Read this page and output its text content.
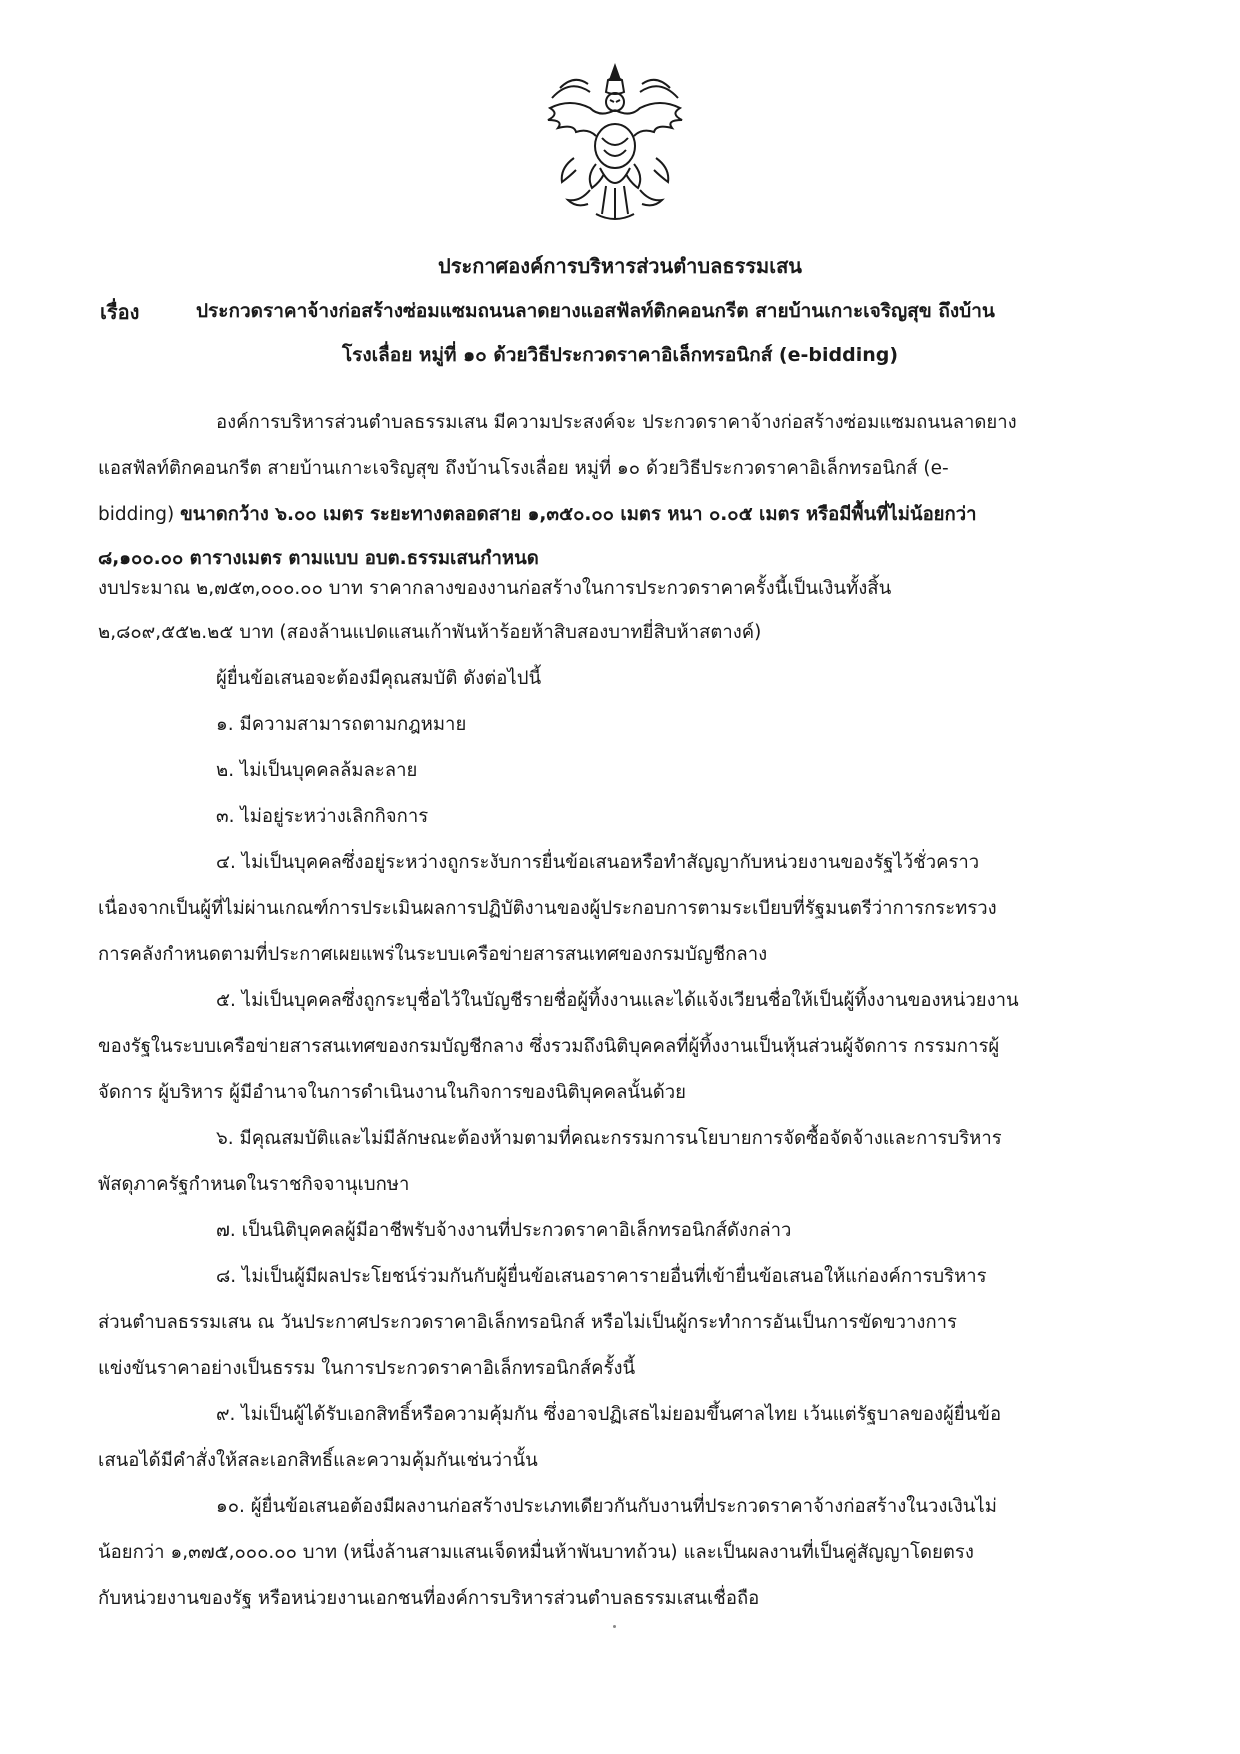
ประกาศองค์การบริหารส่วนตำบลธรรมเสน
เรื่อง	ประกวดราคาจ้างก่อสร้างซ่อมแซมถนนลาดยางแอสฟัลท์ติกคอนกรีต สายบ้านเกาะเจริญสุข ถึงบ้าน
โรงเลื่อย หมู่ที่ ๑๐ ด้วยวิธีประกวดราคาอิเล็กทรอนิกส์ (e-bidding)
องค์การบริหารส่วนตำบลธรรมเสน มีความประสงค์จะ ประกวดราคาจ้างก่อสร้างซ่อมแซมถนนลาดยาง
แอสฟัลท์ติกคอนกรีต สายบ้านเกาะเจริญสุข ถึงบ้านโรงเลื่อย หมู่ที่ ๑๐ ด้วยวิธีประกวดราคาอิเล็กทรอนิกส์ (e-
bidding) ขนาดกว้าง ๖.๐๐ เมตร ระยะทางตลอดสาย ๑,๓๕๐.๐๐ เมตร หนา ๐.๐๕ เมตร หรือมีพื้นที่ไม่น้อยกว่า
๘,๑๐๐.๐๐ ตารางเมตร ตามแบบ อบต.ธรรมเสนกำหนด
งบประมาณ ๒,๗๕๓,๐๐๐.๐๐ บาท ราคากลางของงานก่อสร้างในการประกวดราคาครั้งนี้เป็นเงินทั้งสิ้น
๒,๘๐๙,๕๕๒.๒๕ บาท (สองล้านแปดแสนเก้าพันห้าร้อยห้าสิบสองบาทยี่สิบห้าสตางค์)
ผู้ยื่นข้อเสนอจะต้องมีคุณสมบัติ ดังต่อไปนี้
๑. มีความสามารถตามกฎหมาย
๒. ไม่เป็นบุคคลล้มละลาย
๓. ไม่อยู่ระหว่างเลิกกิจการ
๔. ไม่เป็นบุคคลซึ่งอยู่ระหว่างถูกระงับการยื่นข้อเสนอหรือทำสัญญากับหน่วยงานของรัฐไว้ชั่วคราว
เนื่องจากเป็นผู้ที่ไม่ผ่านเกณฑ์การประเมินผลการปฏิบัติงานของผู้ประกอบการตามระเบียบที่รัฐมนตรีว่าการกระทรวง
การคลังกำหนดตามที่ประกาศเผยแพร่ในระบบเครือข่ายสารสนเทศของกรมบัญชีกลาง
๕. ไม่เป็นบุคคลซึ่งถูกระบุชื่อไว้ในบัญชีรายชื่อผู้ทิ้งงานและได้แจ้งเวียนชื่อให้เป็นผู้ทิ้งงานของหน่วยงาน
ของรัฐในระบบเครือข่ายสารสนเทศของกรมบัญชีกลาง ซึ่งรวมถึงนิติบุคคลที่ผู้ทิ้งงานเป็นหุ้นส่วนผู้จัดการ กรรมการผู้
จัดการ ผู้บริหาร ผู้มีอำนาจในการดำเนินงานในกิจการของนิติบุคคลนั้นด้วย
๖. มีคุณสมบัติและไม่มีลักษณะต้องห้ามตามที่คณะกรรมการนโยบายการจัดซื้อจัดจ้างและการบริหาร
พัสดุภาครัฐกำหนดในราชกิจจานุเบกษา
๗. เป็นนิติบุคคลผู้มีอาชีพรับจ้างงานที่ประกวดราคาอิเล็กทรอนิกส์ดังกล่าว
๘. ไม่เป็นผู้มีผลประโยชน์ร่วมกันกับผู้ยื่นข้อเสนอราคารายอื่นที่เข้ายื่นข้อเสนอให้แก่องค์การบริหาร
ส่วนตำบลธรรมเสน ณ วันประกาศประกวดราคาอิเล็กทรอนิกส์ หรือไม่เป็นผู้กระทำการอันเป็นการขัดขวางการ
แข่งขันราคาอย่างเป็นธรรม ในการประกวดราคาอิเล็กทรอนิกส์ครั้งนี้
๙. ไม่เป็นผู้ได้รับเอกสิทธิ์หรือความคุ้มกัน ซึ่งอาจปฏิเสธไม่ยอมขึ้นศาลไทย เว้นแต่รัฐบาลของผู้ยื่นข้อ
เสนอได้มีคำสั่งให้สละเอกสิทธิ์และความคุ้มกันเช่นว่านั้น
๑๐. ผู้ยื่นข้อเสนอต้องมีผลงานก่อสร้างประเภทเดียวกันกับงานที่ประกวดราคาจ้างก่อสร้างในวงเงินไม่
น้อยกว่า ๑,๓๗๕,๐๐๐.๐๐ บาท (หนึ่งล้านสามแสนเจ็ดหมื่นห้าพันบาทถ้วน) และเป็นผลงานที่เป็นคู่สัญญาโดยตรง
กับหน่วยงานของรัฐ หรือหน่วยงานเอกชนที่องค์การบริหารส่วนตำบลธรรมเสนเชื่อถือ
